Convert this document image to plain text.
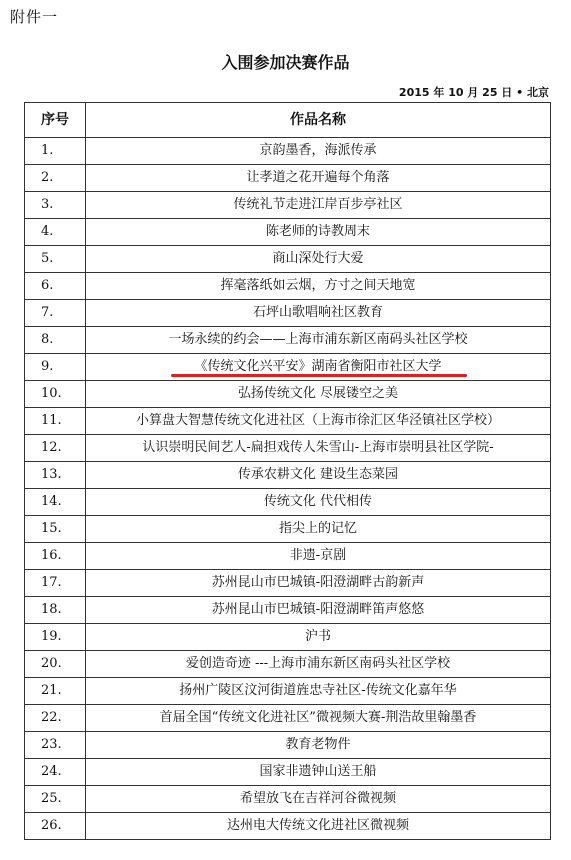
附件一
入围参加决赛作品
2015 年 10 月 25 日 • 北京
序号	作品名称
1.	京韵墨香，海派传承
2.	让孝道之花开遍每个角落
3.	传统礼节走进江岸百步亭社区
4.	陈老师的诗教周末
5.	商山深处行大爱
6.	挥毫落纸如云烟，方寸之间天地宽
7.	石坪山歌唱响社区教育
8.	一场永续的约会——上海市浦东新区南码头社区学校
9.	《传统文化兴平安》湖南省衡阳市社区大学

10.	弘扬传统文化 尽展镂空之美
11.	小算盘大智慧传统文化进社区（上海市徐汇区华泾镇社区学校）
12.	认识崇明民间艺人-扁担戏传人朱雪山-上海市崇明县社区学院-
13.	传承农耕文化 建设生态菜园
14.	传统文化 代代相传
15.	指尖上的记忆
16.	非遗-京剧
17.	苏州昆山市巴城镇-阳澄湖畔古韵新声
18.	苏州昆山市巴城镇-阳澄湖畔笛声悠悠
19.	沪书
20.	爱创造奇迹 ---上海市浦东新区南码头社区学校
21.	扬州广陵区汶河街道旌忠寺社区-传统文化嘉年华
22.	首届全国“传统文化进社区”微视频大赛-荆浩故里翰墨香
23.	教育老物件
24.	国家非遗钟山送王船
25.	希望放飞在吉祥河谷微视频
26.	达州电大传统文化进社区微视频
